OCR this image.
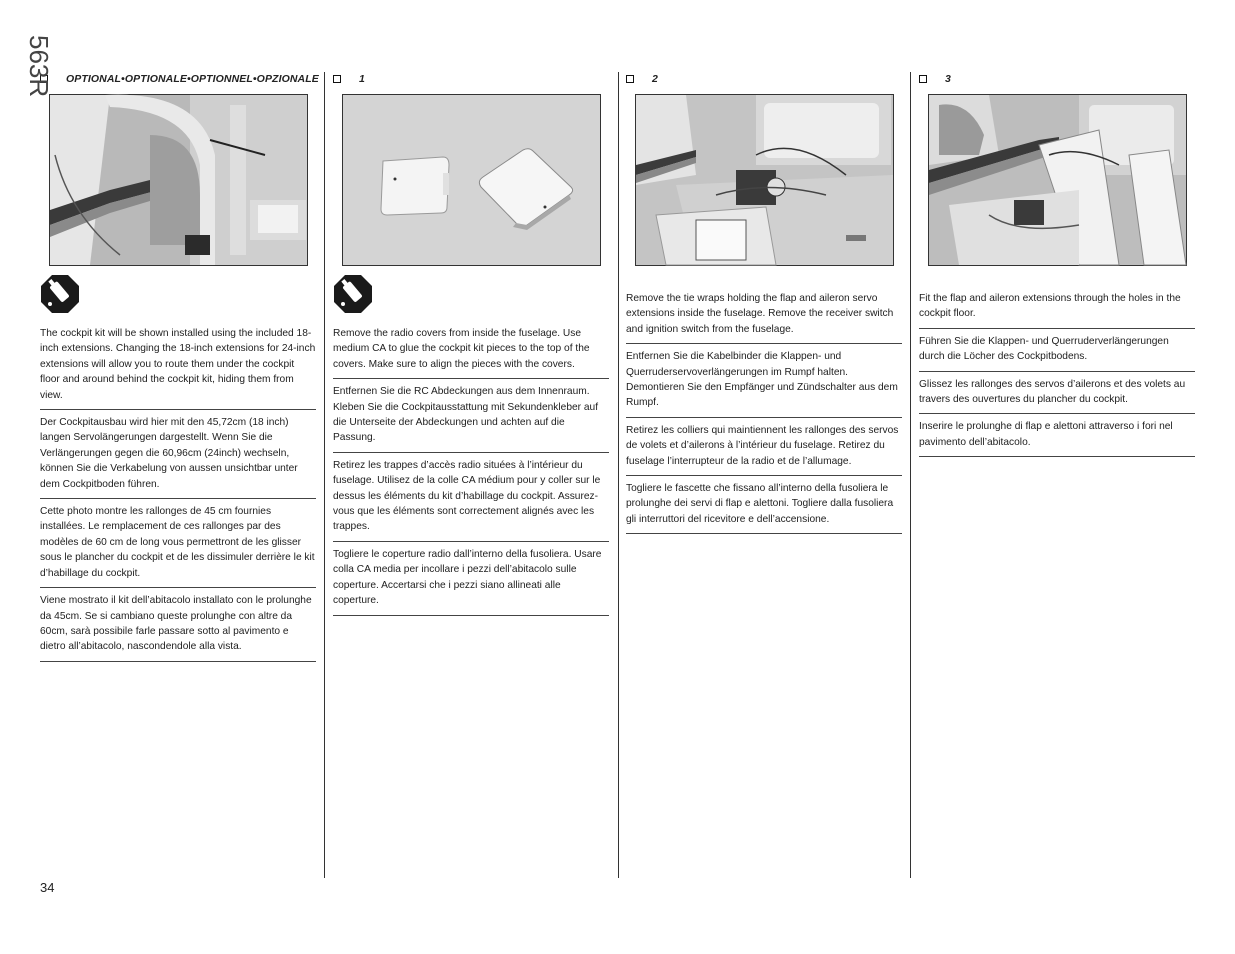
OPTIONAL•OPTIONALE•OPTIONNEL•OPZIONALE
563R
The cockpit kit will be shown installed using the included 18-inch extensions. Changing the 18-inch extensions for 24-inch extensions will allow you to route them under the cockpit floor and around behind the cockpit kit, hiding them from view.
Der Cockpitausbau wird hier mit den 45,72cm (18 inch) langen Servolängerungen dargestellt. Wenn Sie die Verlängerungen gegen die 60,96cm (24inch) wechseln, können Sie die Verkabelung von aussen unsichtbar unter dem Cockpitboden führen.
Cette photo montre les rallonges de 45 cm fournies installées. Le remplacement de ces rallonges par des modèles de 60 cm de long vous permettront de les glisser sous le plancher du cockpit et de les dissimuler derrière le kit d’habillage du cockpit.
Viene mostrato il kit dell’abitacolo installato con le prolunghe da 45cm. Se si cambiano queste prolunghe con altre da 60cm, sarà possibile farle passare sotto al pavimento e dietro all’abitacolo, nascondendole alla vista.
1
Remove the radio covers from inside the fuselage. Use medium CA to glue the cockpit kit pieces to the top of the covers. Make sure to align the pieces with the covers.
Entfernen Sie die RC Abdeckungen aus dem Innenraum. Kleben Sie die Cockpitausstattung mit Sekundenkleber auf die Unterseite der Abdeckungen und achten auf die Passung.
Retirez les trappes d’accès radio situées à l’intérieur du fuselage. Utilisez de la colle CA médium pour y coller sur le dessus les éléments du kit d’habillage du cockpit. Assurez-vous que les éléments sont correctement alignés avec les trappes.
Togliere le coperture radio dall’interno della fusoliera. Usare colla CA media per incollare i pezzi dell’abitacolo sulle coperture. Accertarsi che i pezzi siano allineati alle coperture.
2
Remove the tie wraps holding the flap and aileron servo extensions inside the fuselage. Remove the receiver switch and ignition switch from the fuselage.
Entfernen Sie die Kabelbinder die Klappen- und Querruderservoverlängerungen im Rumpf halten. Demontieren Sie den Empfänger und Zündschalter aus dem Rumpf.
Retirez les colliers qui maintiennent les rallonges des servos de volets et d’ailerons à l’intérieur du fuselage. Retirez du fuselage l’interrupteur de la radio et de l’allumage.
Togliere le fascette che fissano all’interno della fusoliera le prolunghe dei servi di flap e alettoni. Togliere dalla fusoliera gli interruttori del ricevitore e dell’accensione.
3
Fit the flap and aileron extensions through the holes in the cockpit floor.
Führen Sie die Klappen- und Querruderverlängerungen durch die Löcher des Cockpitbodens.
Glissez les rallonges des servos d’ailerons et des volets au travers des ouvertures du plancher du cockpit.
Inserire le prolunghe di flap e alettoni attraverso i fori nel pavimento dell’abitacolo.
34
